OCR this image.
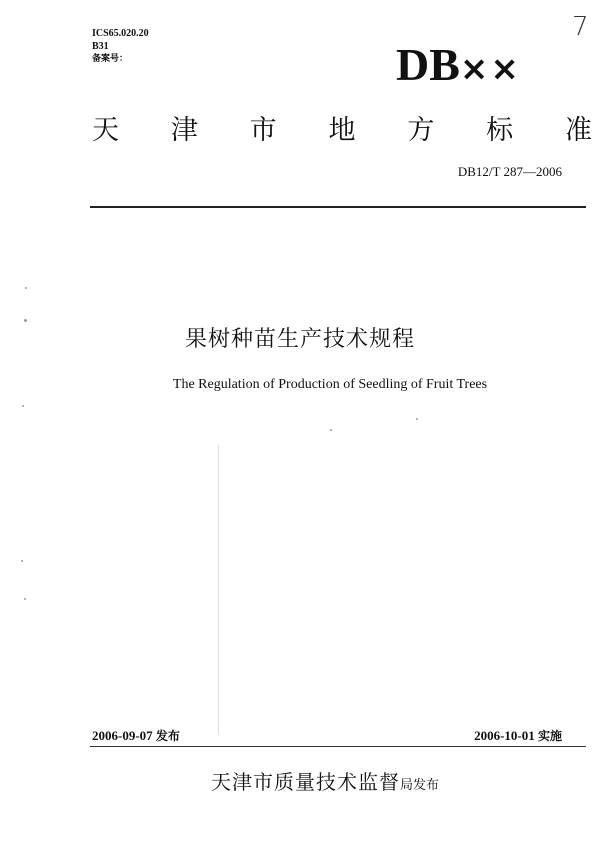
ICS65.020.20
B31
备案号：
7
DB××
天 津 市 地 方 标 准
DB12/T 287—2006
果树种苗生产技术规程
The Regulation of Production of Seedling of Fruit Trees
2006-09-07 发布	2006-10-01 实施
天津市质量技术监督局发布
